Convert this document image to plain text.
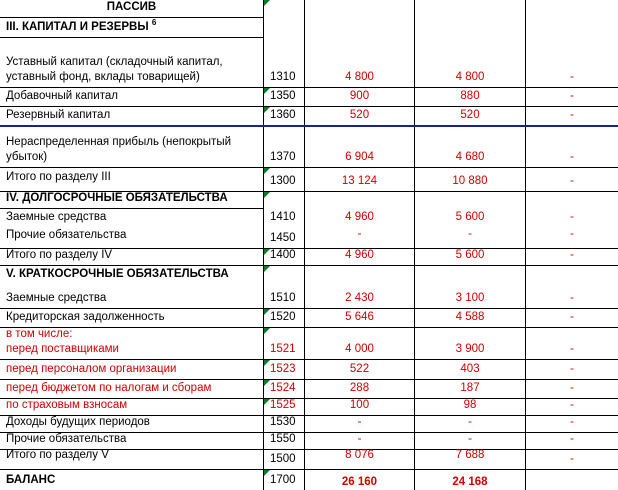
ПАССИВ
III. КАПИТАЛ И РЕЗЕРВЫ $^6$
Уставный капитал (складочный капитал, уставный фонд, вклады товарищей)	1310	4 800	4 800	-
Добавочный капитал	1350	900	880	-
Резервный капитал	1360	520	520	-
Нераспределенная прибыль (непокрытый убыток)	1370	6 904	4 680	-
Итого по разделу III	1300	13 124	10 880	-
IV. ДОЛГОСРОЧНЫЕ ОБЯЗАТЕЛЬСТВА
Заемные средства	1410	4 960	5 600	-
Прочие обязательства	1450	-	-	-
Итого по разделу IV	1400	4 960	5 600	-
V. КРАТКОСРОЧНЫЕ ОБЯЗАТЕЛЬСТВА
Заемные средства	1510	2 430	3 100	-
Кредиторская задолженность	1520	5 646	4 588	-
в том числе:
перед поставщиками	1521	4 000	3 900	-
перед персоналом организации	1523	522	403	-
перед бюджетом по налогам и сборам	1524	288	187	-
по страховым взносам	1525	100	98	-
Доходы будущих периодов	1530	-	-	-
Прочие обязательства	1550	-	-	-
Итого по разделу V	1500	8 076	7 688	-
БАЛАНС	1700	26 160	24 168
